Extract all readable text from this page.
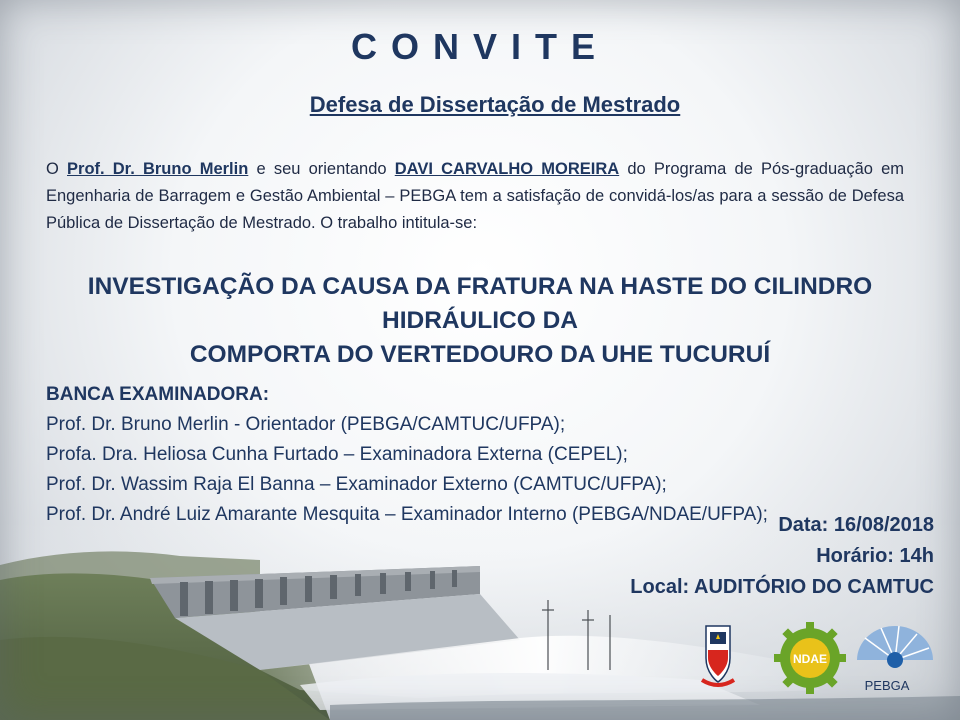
CONVITE
Defesa de Dissertação de Mestrado
O Prof. Dr. Bruno Merlin e seu orientando DAVI CARVALHO MOREIRA do Programa de Pós-graduação em Engenharia de Barragem e Gestão Ambiental – PEBGA tem a satisfação de convidá-los/as para a sessão de Defesa Pública de Dissertação de Mestrado. O trabalho intitula-se:
INVESTIGAÇÃO DA CAUSA DA FRATURA NA HASTE DO CILINDRO HIDRÁULICO DA
COMPORTA DO VERTEDOURO DA UHE TUCURUÍ
BANCA EXAMINADORA:
Prof. Dr. Bruno Merlin - Orientador (PEBGA/CAMTUC/UFPA);
Profa. Dra. Heliosa Cunha Furtado – Examinadora Externa (CEPEL);
Prof. Dr. Wassim Raja El Banna – Examinador Externo (CAMTUC/UFPA);
Prof. Dr. André Luiz Amarante Mesquita – Examinador Interno (PEBGA/NDAE/UFPA); Data: 16/08/2018
Horário: 14h
Local: AUDITÓRIO DO CAMTUC
NDAE
PEBGA
